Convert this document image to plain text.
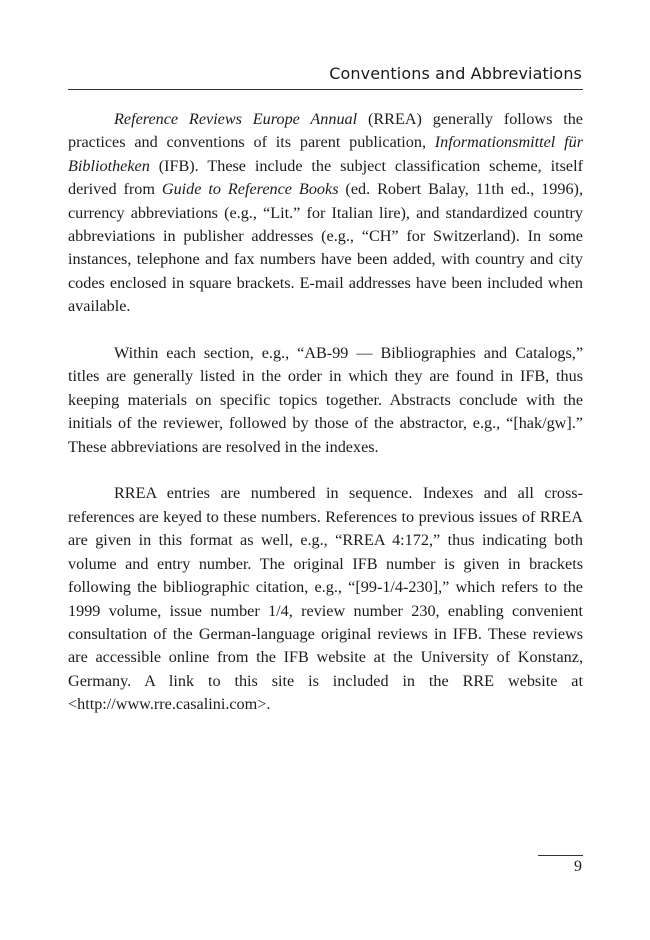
Conventions and Abbreviations

Reference Reviews Europe Annual (RREA) generally follows the practices and conventions of its parent publication, Informationsmittel für Bibliotheken (IFB). These include the subject classification scheme, itself derived from Guide to Reference Books (ed. Robert Balay, 11th ed., 1996), currency abbreviations (e.g., “Lit.” for Italian lire), and standardized country abbreviations in publisher addresses (e.g., “CH” for Switzerland). In some instances, telephone and fax numbers have been added, with country and city codes enclosed in square brackets. E-mail addresses have been included when available.

Within each section, e.g., “AB-99 — Bibliographies and Catalogs,” titles are generally listed in the order in which they are found in IFB, thus keeping materials on specific topics together. Abstracts conclude with the initials of the reviewer, followed by those of the abstractor, e.g., “[hak/gw].” These abbreviations are resolved in the indexes.

RREA entries are numbered in sequence. Indexes and all cross-references are keyed to these numbers. References to previous issues of RREA are given in this format as well, e.g., “RREA 4:172,” thus indicating both volume and entry number. The original IFB number is given in brackets following the bibliographic citation, e.g., “[99-1/4-230],” which refers to the 1999 volume, issue number 1/4, review number 230, enabling convenient consultation of the German-language original reviews in IFB. These reviews are accessible online from the IFB website at the University of Konstanz, Germany. A link to this site is included in the RRE website at <http://www.rre.casalini.com>.

9
